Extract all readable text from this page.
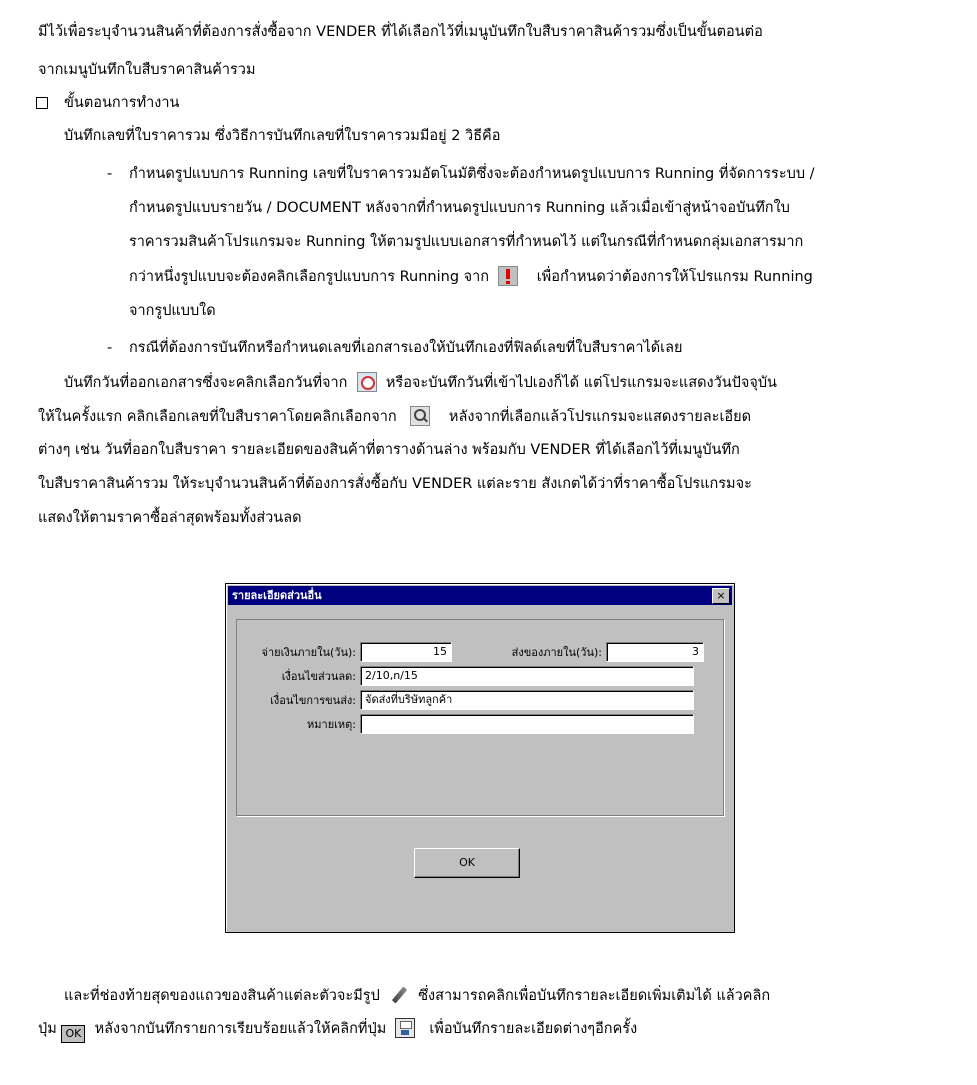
มีไว้เพื่อระบุจำนวนสินค้าที่ต้องการสั่งซื้อจาก VENDER ที่ได้เลือกไว้ที่เมนูบันทึกใบสืบราคาสินค้ารวมซึ่งเป็นขั้นตอนต่อ
จากเมนูบันทึกใบสืบราคาสินค้ารวม
ขั้นตอนการทำงาน
บันทึกเลขที่ใบราคารวม ซึ่งวิธีการบันทึกเลขที่ใบราคารวมมีอยู่ 2 วิธีคือ
- กำหนดรูปแบบการ Running เลขที่ใบราคารวมอัตโนมัติซึ่งจะต้องกำหนดรูปแบบการ Running ที่จัดการระบบ /
กำหนดรูปแบบรายวัน / DOCUMENT หลังจากที่กำหนดรูปแบบการ Running แล้วเมื่อเข้าสู่หน้าจอบันทึกใบ
ราคารวมสินค้าโปรแกรมจะ Running ให้ตามรูปแบบเอกสารที่กำหนดไว้ แต่ในกรณีที่กำหนดกลุ่มเอกสารมาก
กว่าหนึ่งรูปแบบจะต้องคลิกเลือกรูปแบบการ Running จาก	เพื่อกำหนดว่าต้องการให้โปรแกรม Running
จากรูปแบบใด
- กรณีที่ต้องการบันทึกหรือกำหนดเลขที่เอกสารเองให้บันทึกเองที่ฟิลด์เลขที่ใบสืบราคาได้เลย
บันทึกวันที่ออกเอกสารซึ่งจะคลิกเลือกวันที่จาก	หรือจะบันทึกวันที่เข้าไปเองก็ได้ แต่โปรแกรมจะแสดงวันปัจจุบัน
ให้ในครั้งแรก คลิกเลือกเลขที่ใบสืบราคาโดยคลิกเลือกจาก	หลังจากที่เลือกแล้วโปรแกรมจะแสดงรายละเอียด
ต่างๆ เช่น วันที่ออกใบสืบราคา รายละเอียดของสินค้าที่ตารางด้านล่าง พร้อมกับ VENDER ที่ได้เลือกไว้ที่เมนูบันทึก
ใบสืบราคาสินค้ารวม ให้ระบุจำนวนสินค้าที่ต้องการสั่งซื้อกับ VENDER แต่ละราย สังเกตได้ว่าที่ราคาซื้อโปรแกรมจะ
แสดงให้ตามราคาซื้อล่าสุดพร้อมทั้งส่วนลด
รายละเอียดส่วนอื่น	×
จ่ายเงินภายใน(วัน):	15	ส่งของภายใน(วัน):	3
เงื่อนไขส่วนลด: 2/10,n/15
เงื่อนไขการขนส่ง: จัดส่งที่บริษัทลูกค้า
หมายเหตุ:
OK
และที่ช่องท้ายสุดของแถวของสินค้าแต่ละตัวจะมีรูป	ซึ่งสามารถคลิกเพื่อบันทึกรายละเอียดเพิ่มเติมได้ แล้วคลิก
ปุ่ม OK หลังจากบันทึกรายการเรียบร้อยแล้วให้คลิกที่ปุ่ม	เพื่อบันทึกรายละเอียดต่างๆอีกครั้ง
